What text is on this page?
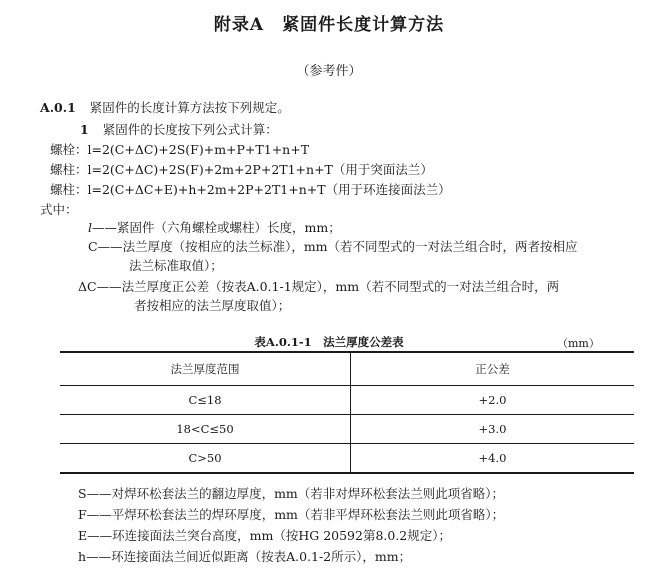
附录A　紧固件长度计算方法
（参考件）
A.0.1 紧固件的长度计算方法按下列规定。
1 紧固件的长度按下列公式计算：
螺栓：l=2(C+ΔC)+2S(F)+m+P+T1+n+T
螺柱：l=2(C+ΔC)+2S(F)+2m+2P+2T1+n+T（用于突面法兰）
螺柱：l=2(C+ΔC+E)+h+2m+2P+2T1+n+T（用于环连接面法兰）
式中：
l——紧固件（六角螺栓或螺柱）长度，mm；
C——法兰厚度（按相应的法兰标准），mm（若不同型式的一对法兰组合时，两者按相应
法兰标准取值）；
ΔC——法兰厚度正公差（按表A.0.1-1规定），mm（若不同型式的一对法兰组合时，两
者按相应的法兰厚度取值）；
表A.0.1-1　法兰厚度公差表	（mm）
法兰厚度范围	正公差
C≤18	+2.0
18<C≤50	+3.0
C>50	+4.0
S——对焊环松套法兰的翻边厚度，mm（若非对焊环松套法兰则此项省略）；
F——平焊环松套法兰的焊环厚度，mm（若非平焊环松套法兰则此项省略）；
E——环连接面法兰突台高度，mm（按HG 20592第8.0.2规定）；
h——环连接面法兰间近似距离（按表A.0.1-2所示），mm；
